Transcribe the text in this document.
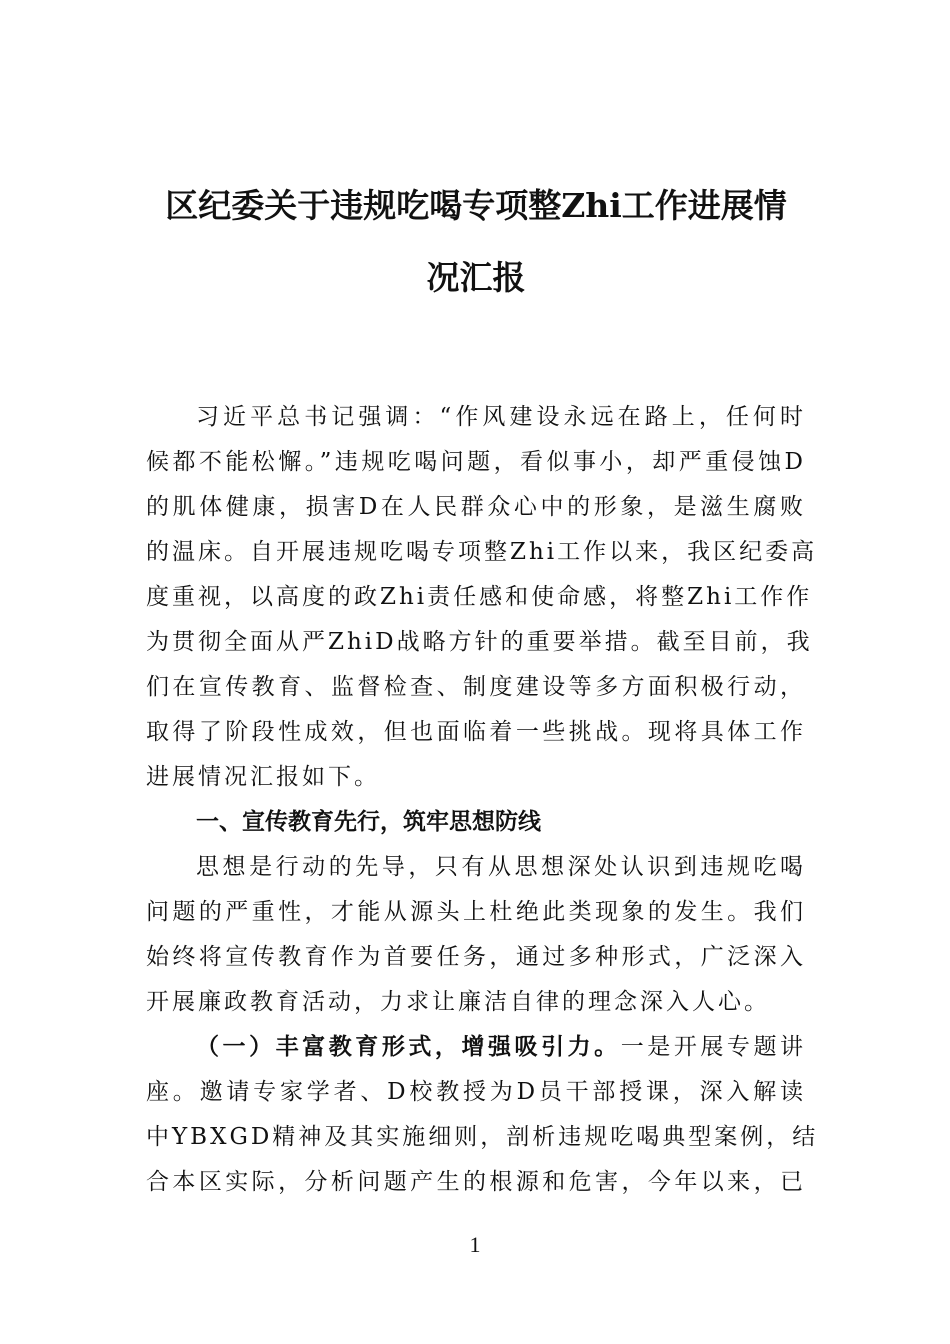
区纪委关于违规吃喝专项整Zhi工作进展情
况汇报
习近平总书记强调：“作风建设永远在路上，任何时
候都不能松懈。”违规吃喝问题，看似事小，却严重侵蚀D
的肌体健康，损害D在人民群众心中的形象，是滋生腐败
的温床。自开展违规吃喝专项整Zhi工作以来，我区纪委高
度重视，以高度的政Zhi责任感和使命感，将整Zhi工作作
为贯彻全面从严ZhiD战略方针的重要举措。截至目前，我
们在宣传教育、监督检查、制度建设等多方面积极行动，
取得了阶段性成效，但也面临着一些挑战。现将具体工作
进展情况汇报如下。
一、宣传教育先行，筑牢思想防线
思想是行动的先导，只有从思想深处认识到违规吃喝
问题的严重性，才能从源头上杜绝此类现象的发生。我们
始终将宣传教育作为首要任务，通过多种形式，广泛深入
开展廉政教育活动，力求让廉洁自律的理念深入人心。
（一）丰富教育形式，增强吸引力。一是开展专题讲
座。邀请专家学者、D校教授为D员干部授课，深入解读
中YBXGD精神及其实施细则，剖析违规吃喝典型案例，结
合本区实际，分析问题产生的根源和危害，今年以来，已
1
